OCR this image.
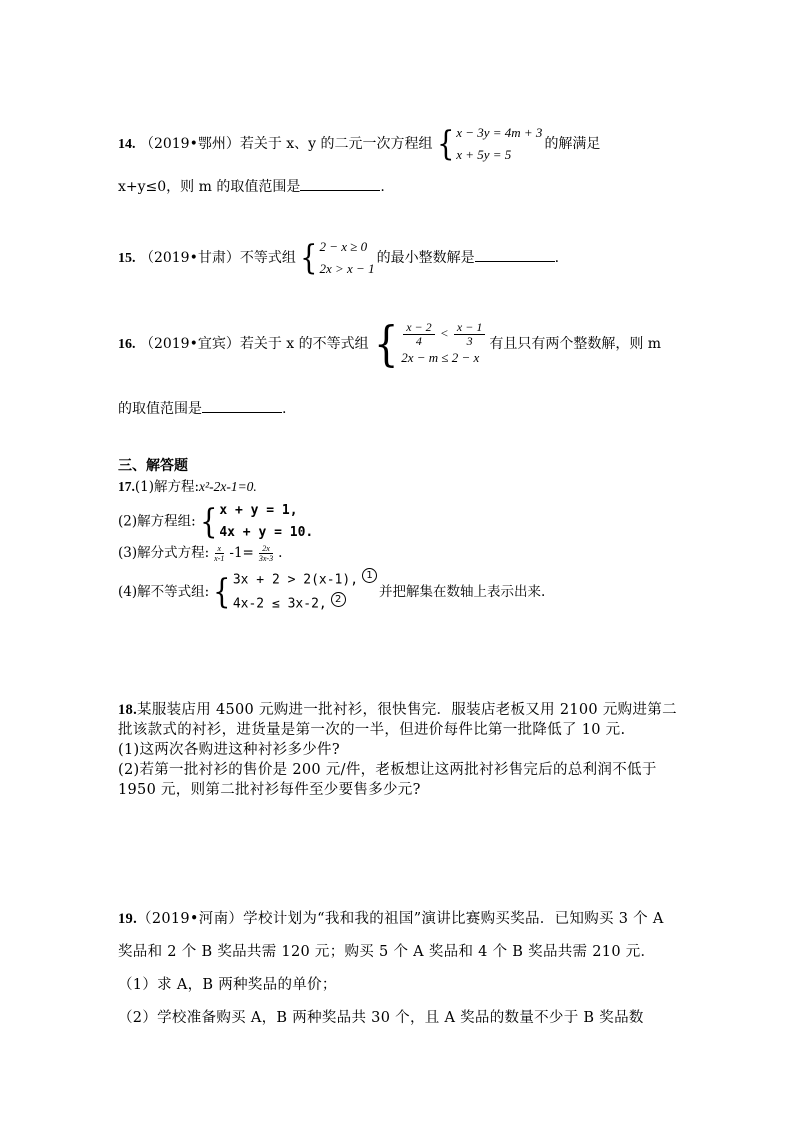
14. （2019•鄂州）若关于 x、y 的二元一次方程组 { x − 3y = 4m + 3
x + 5y = 5
的解满足
x+y≤0，则 m 的取值范围是	.
15. （2019•甘肃）不等式组 { 2 − x ≥ 0
2x > x − 1
的最小整数解是	.
16. （2019•宜宾）若关于 x 的不等式组 { $\frac{x - 2}{4} < \frac{x - 1}{3}$
2x − m ≤ 2 − x
有且只有两个整数解，则 m
的取值范围是	.
三、解答题
17.(1)解方程:x²-2x-1=0.
(2)解方程组: { x + y = 1,
4x + y = 10.
(3)解分式方程: $\frac{x}{x-1} -1= \frac{2x}{3x-3}$ .
(4)解不等式组: { 3x + 2 > 2(x-1), 1
4x-2 ≤ 3x-2, 2	并把解集在数轴上表示出来.
18.某服装店用 4500 元购进一批衬衫，很快售完．服装店老板又用 2100 元购进第二批该款式的衬衫，进货量是第一次的一半，但进价每件比第一批降低了 10 元.
(1)这两次各购进这种衬衫多少件?
(2)若第一批衬衫的售价是 200 元/件，老板想让这两批衬衫售完后的总利润不低于 1950 元，则第二批衬衫每件至少要售多少元?
19.（2019•河南）学校计划为“我和我的祖国”演讲比赛购买奖品．已知购买 3 个 A 奖品和 2 个 B 奖品共需 120 元；购买 5 个 A 奖品和 4 个 B 奖品共需 210 元．
（1）求 A，B 两种奖品的单价；
（2）学校准备购买 A，B 两种奖品共 30 个，且 A 奖品的数量不少于 B 奖品数
